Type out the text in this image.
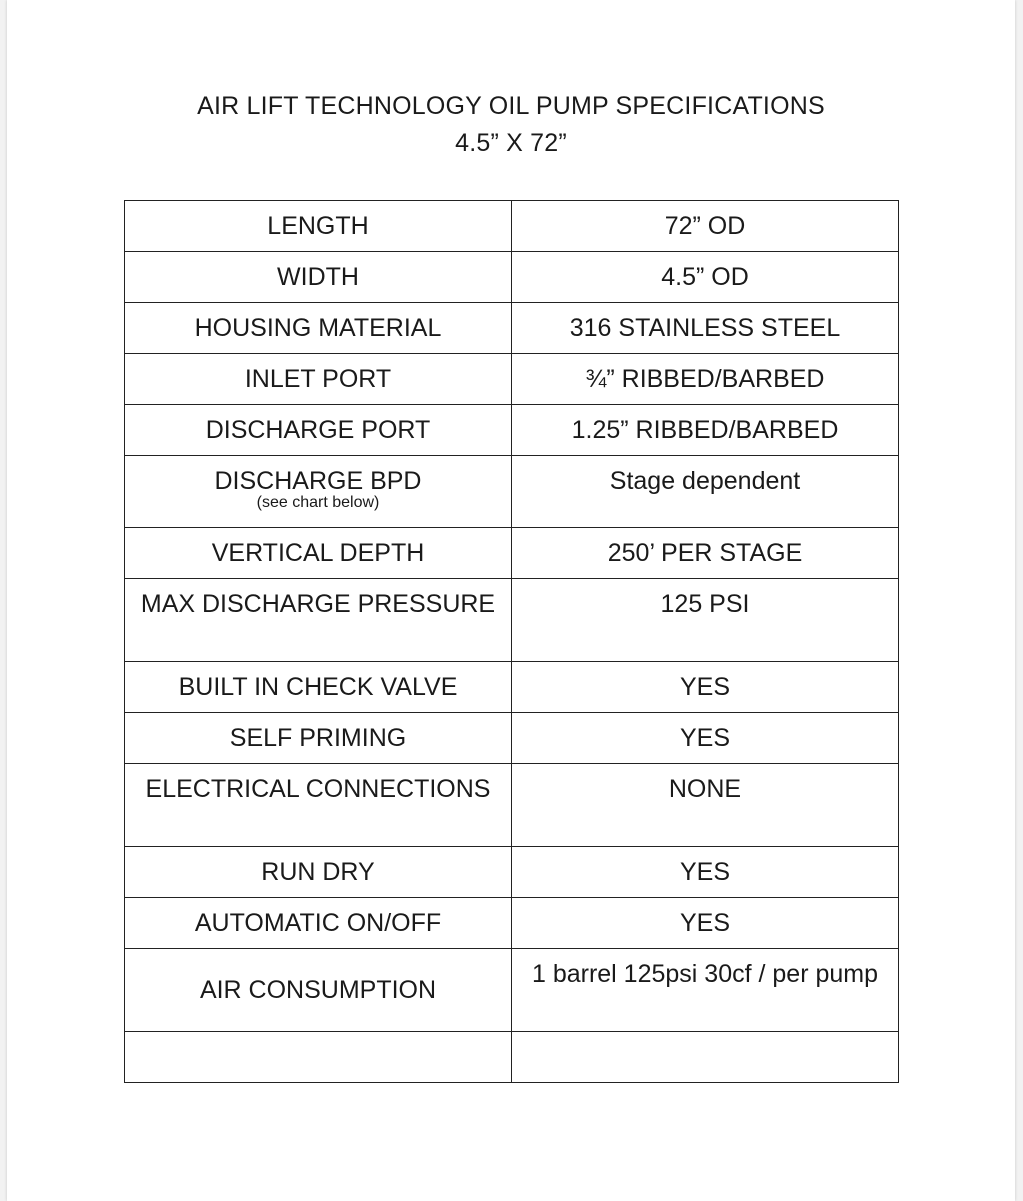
AIR LIFT TECHNOLOGY OIL PUMP SPECIFICATIONS
4.5” X 72”
LENGTH	72” OD
WIDTH	4.5” OD
HOUSING MATERIAL	316 STAINLESS STEEL
INLET PORT	¾” RIBBED/BARBED
DISCHARGE PORT	1.25” RIBBED/BARBED
DISCHARGE BPD
(see chart below)	Stage dependent
VERTICAL DEPTH	250’ PER STAGE
MAX DISCHARGE PRESSURE	125 PSI
BUILT IN CHECK VALVE	YES
SELF PRIMING	YES
ELECTRICAL CONNECTIONS	NONE
RUN DRY	YES
AUTOMATIC ON/OFF	YES
AIR CONSUMPTION	1 barrel 125psi 30cf / per pump
